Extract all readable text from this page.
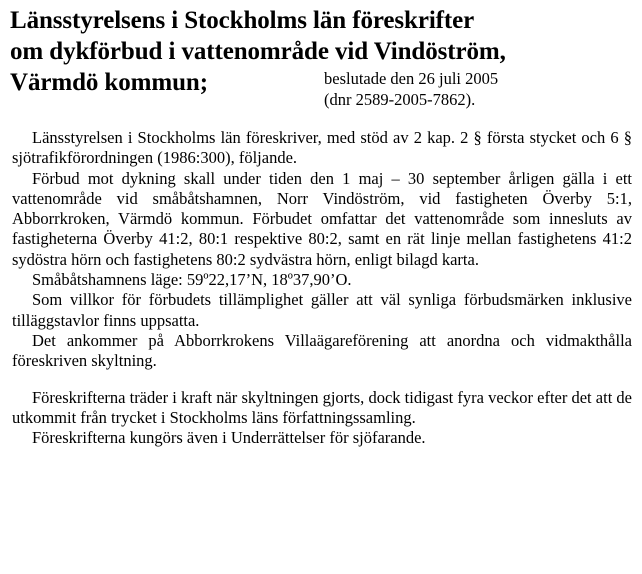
Länsstyrelsens i Stockholms län föreskrifter
om dykförbud i vattenområde vid Vindöström,
Värmdö kommun;	beslutade den 26 juli 2005
(dnr 2589-2005-7862).

Länsstyrelsen i Stockholms län föreskriver, med stöd av 2 kap. 2 § första stycket och 6 § sjötrafikförordningen (1986:300), följande.

Förbud mot dykning skall under tiden den 1 maj – 30 september årligen gälla i ett vattenområde vid småbåtshamnen, Norr Vindöström, vid fastigheten Överby 5:1, Abborrkroken, Värmdö kommun. Förbudet omfattar det vattenområde som innesluts av fastigheterna Överby 41:2, 80:1 respektive 80:2, samt en rät linje mellan fastighetens 41:2 sydöstra hörn och fastighetens 80:2 sydvästra hörn, enligt bilagd karta.

Småbåtshamnens läge: 59º22,17’N, 18º37,90’O.

Som villkor för förbudets tillämplighet gäller att väl synliga förbudsmärken inklusive tilläggstavlor finns uppsatta.

Det ankommer på Abborrkrokens Villaägareförening att anordna och vidmakthålla föreskriven skyltning.

Föreskrifterna träder i kraft när skyltningen gjorts, dock tidigast fyra veckor efter det att de utkommit från trycket i Stockholms läns författningssamling.

Föreskrifterna kungörs även i Underrättelser för sjöfarande.
